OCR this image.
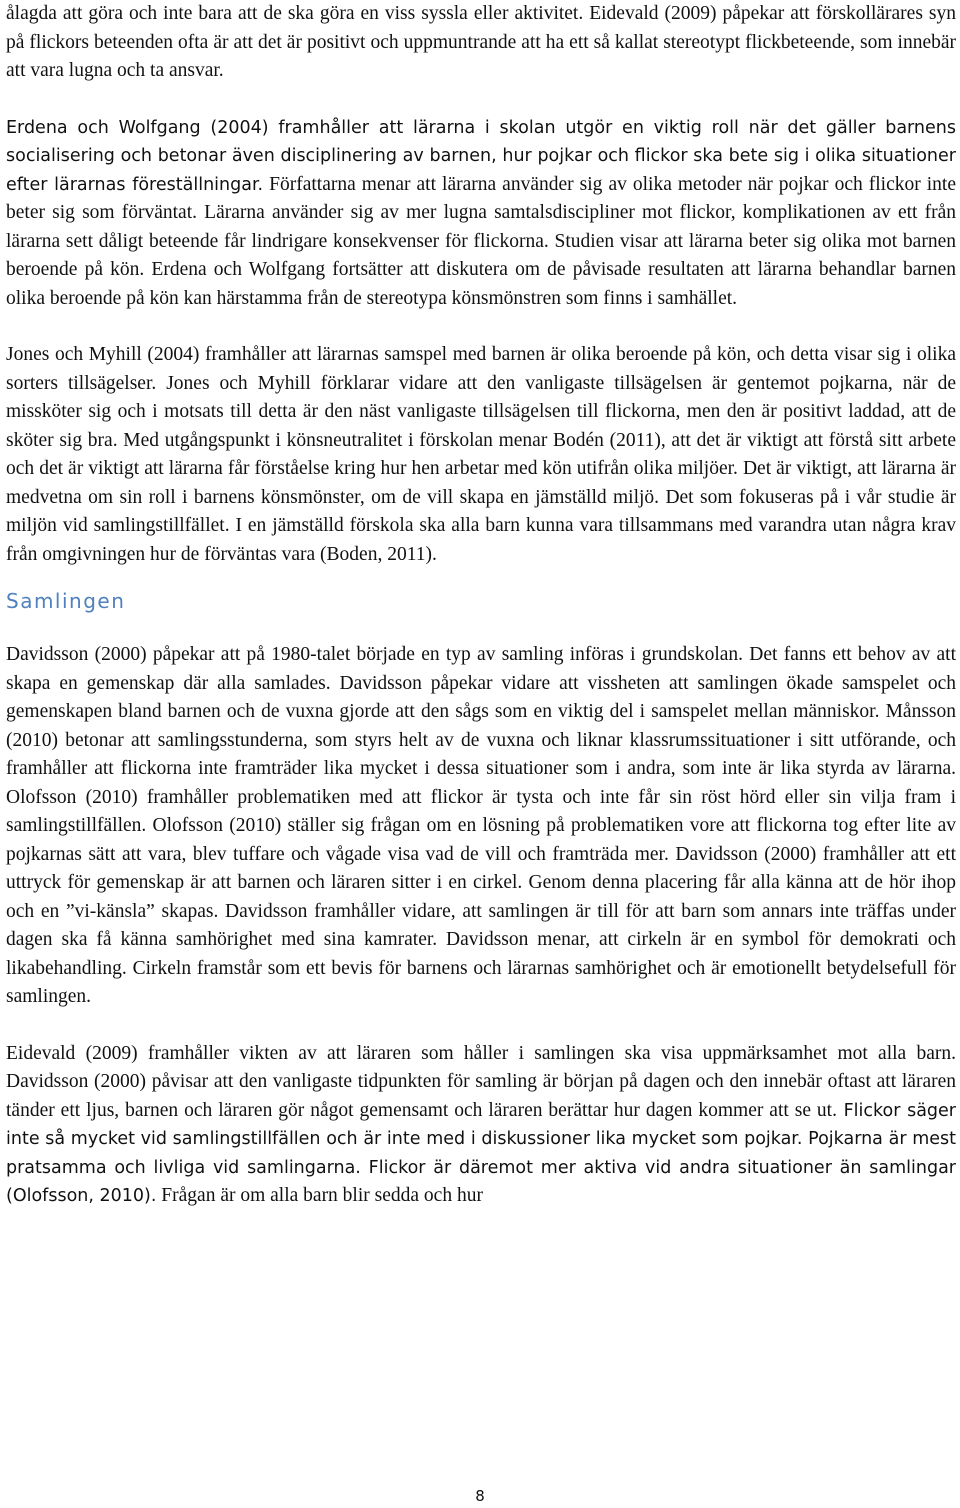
ålagda att göra och inte bara att de ska göra en viss syssla eller aktivitet. Eidevald (2009) påpekar att förskollärares syn på flickors beteenden ofta är att det är positivt och uppmuntrande att ha ett så kallat stereotypt flickbeteende, som innebär att vara lugna och ta ansvar.

Erdena och Wolfgang (2004) framhåller att lärarna i skolan utgör en viktig roll när det gäller barnens socialisering och betonar även disciplinering av barnen, hur pojkar och flickor ska bete sig i olika situationer efter lärarnas föreställningar. Författarna menar att lärarna använder sig av olika metoder när pojkar och flickor inte beter sig som förväntat. Lärarna använder sig av mer lugna samtalsdiscipliner mot flickor, komplikationen av ett från lärarna sett dåligt beteende får lindrigare konsekvenser för flickorna. Studien visar att lärarna beter sig olika mot barnen beroende på kön. Erdena och Wolfgang fortsätter att diskutera om de påvisade resultaten att lärarna behandlar barnen olika beroende på kön kan härstamma från de stereotypa könsmönstren som finns i samhället.

Jones och Myhill (2004) framhåller att lärarnas samspel med barnen är olika beroende på kön, och detta visar sig i olika sorters tillsägelser. Jones och Myhill förklarar vidare att den vanligaste tillsägelsen är gentemot pojkarna, när de missköter sig och i motsats till detta är den näst vanligaste tillsägelsen till flickorna, men den är positivt laddad, att de sköter sig bra. Med utgångspunkt i könsneutralitet i förskolan menar Bodén (2011), att det är viktigt att förstå sitt arbete och det är viktigt att lärarna får förståelse kring hur hen arbetar med kön utifrån olika miljöer. Det är viktigt, att lärarna är medvetna om sin roll i barnens könsmönster, om de vill skapa en jämställd miljö. Det som fokuseras på i vår studie är miljön vid samlingstillfället. I en jämställd förskola ska alla barn kunna vara tillsammans med varandra utan några krav från omgivningen hur de förväntas vara (Boden, 2011).

Samlingen

Davidsson (2000) påpekar att på 1980-talet började en typ av samling införas i grundskolan. Det fanns ett behov av att skapa en gemenskap där alla samlades. Davidsson påpekar vidare att vissheten att samlingen ökade samspelet och gemenskapen bland barnen och de vuxna gjorde att den sågs som en viktig del i samspelet mellan människor. Månsson (2010) betonar att samlingsstunderna, som styrs helt av de vuxna och liknar klassrumssituationer i sitt utförande, och framhåller att flickorna inte framträder lika mycket i dessa situationer som i andra, som inte är lika styrda av lärarna. Olofsson (2010) framhåller problematiken med att flickor är tysta och inte får sin röst hörd eller sin vilja fram i samlingstillfällen. Olofsson (2010) ställer sig frågan om en lösning på problematiken vore att flickorna tog efter lite av pojkarnas sätt att vara, blev tuffare och vågade visa vad de vill och framträda mer. Davidsson (2000) framhåller att ett uttryck för gemenskap är att barnen och läraren sitter i en cirkel. Genom denna placering får alla känna att de hör ihop och en ”vi-känsla” skapas. Davidsson framhåller vidare, att samlingen är till för att barn som annars inte träffas under dagen ska få känna samhörighet med sina kamrater. Davidsson menar, att cirkeln är en symbol för demokrati och likabehandling. Cirkeln framstår som ett bevis för barnens och lärarnas samhörighet och är emotionellt betydelsefull för samlingen.

Eidevald (2009) framhåller vikten av att läraren som håller i samlingen ska visa uppmärksamhet mot alla barn. Davidsson (2000) påvisar att den vanligaste tidpunkten för samling är början på dagen och den innebär oftast att läraren tänder ett ljus, barnen och läraren gör något gemensamt och läraren berättar hur dagen kommer att se ut. Flickor säger inte så mycket vid samlingstillfällen och är inte med i diskussioner lika mycket som pojkar. Pojkarna är mest pratsamma och livliga vid samlingarna. Flickor är däremot mer aktiva vid andra situationer än samlingar (Olofsson, 2010). Frågan är om alla barn blir sedda och hur

8
